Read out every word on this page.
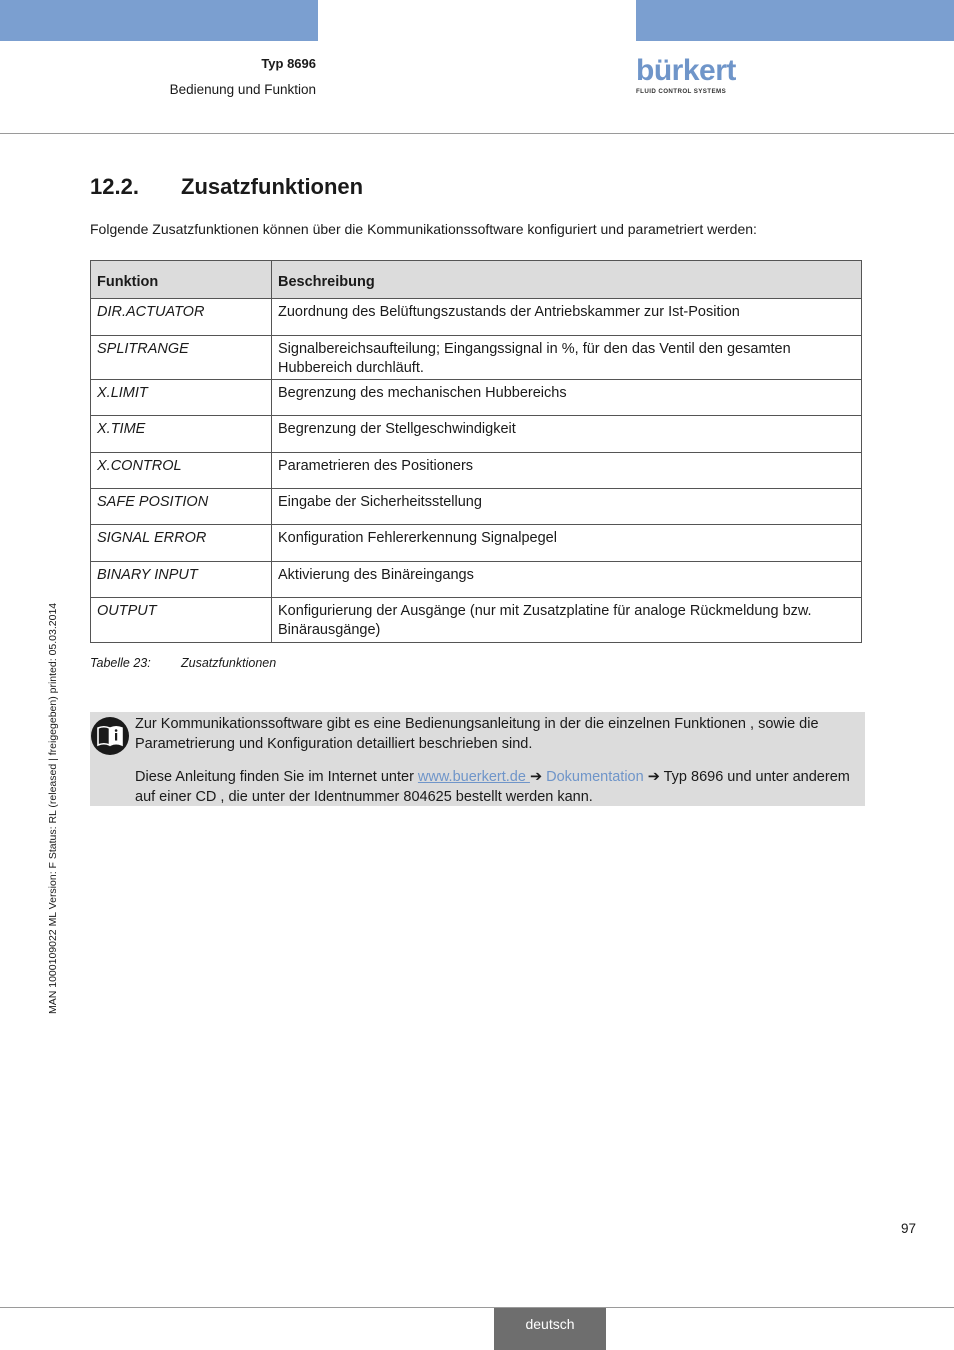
Typ 8696
Bedienung und Funktion
bürkert
FLUID CONTROL SYSTEMS
12.2. Zusatzfunktionen
Folgende Zusatzfunktionen können über die Kommunikationssoftware konfiguriert und parametriert werden:
Funktion	Beschreibung
DIR.ACTUATOR	Zuordnung des Belüftungszustands der Antriebskammer zur Ist-Position
SPLITRANGE	Signalbereichsaufteilung; Eingangssignal in %, für den das Ventil den gesamten Hubbereich durchläuft.
X.LIMIT	Begrenzung des mechanischen Hubbereichs
X.TIME	Begrenzung der Stellgeschwindigkeit
X.CONTROL	Parametrieren des Positioners
SAFE POSITION	Eingabe der Sicherheitsstellung
SIGNAL ERROR	Konfiguration Fehlererkennung Signalpegel
BINARY INPUT	Aktivierung des Binäreingangs
OUTPUT	Konfigurierung der Ausgänge (nur mit Zusatzplatine für analoge Rückmeldung bzw. Binärausgänge)
Tabelle 23: Zusatzfunktionen
Zur Kommunikationssoftware gibt es eine Bedienungsanleitung in der die einzelnen Funktionen , sowie die Parametrierung und Konfiguration detailliert beschrieben sind.
Diese Anleitung finden Sie im Internet unter www.buerkert.de ➔ Dokumentation ➔ Typ 8696 und unter anderem auf einer CD , die unter der Identnummer 804625 bestellt werden kann.
MAN 1000109022 ML Version: F Status: RL (released | freigegeben) printed: 05.03.2014
97
deutsch
